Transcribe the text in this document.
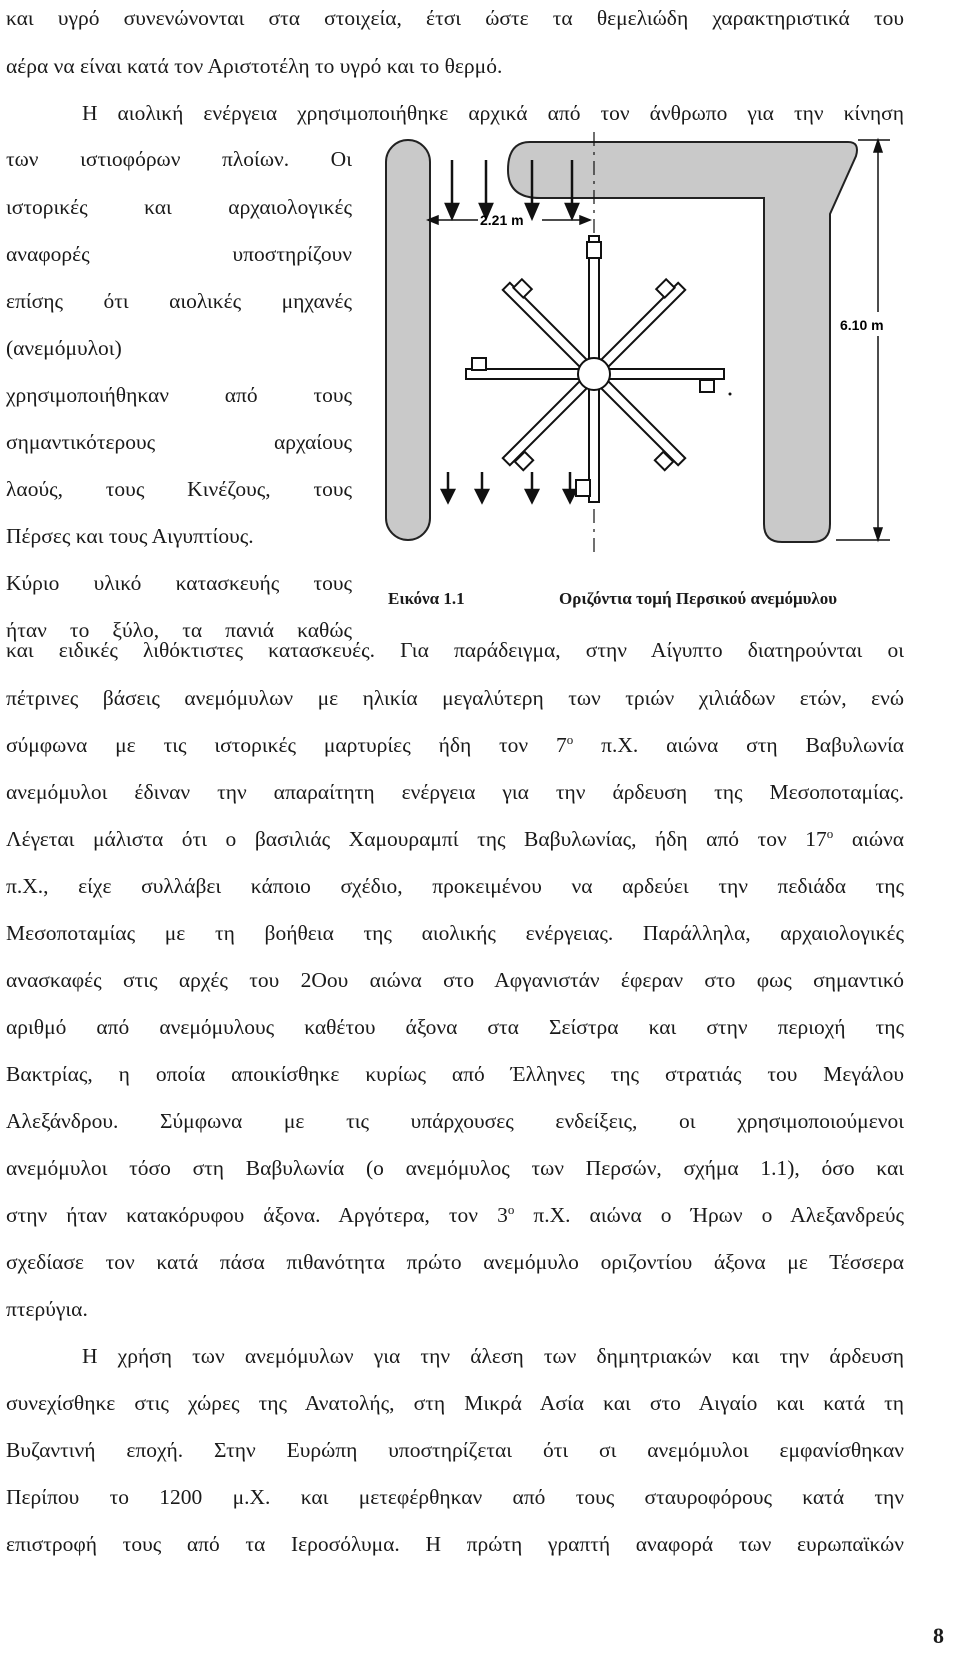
και υγρό συνενώνονται στα στοιχεία, έτσι ώστε τα θεμελιώδη χαρακτηριστικά του
αέρα να είναι κατά τον Αριστοτέλη το υγρό και το θερμό.
Η αιολική ενέργεια χρησιμοποιήθηκε αρχικά από τον άνθρωπο για την κίνηση
των ιστιοφόρων πλοίων. Οι
ιστορικές και αρχαιολογικές
αναφορές υποστηρίζουν
επίσης ότι αιολικές μηχανές
(ανεμόμυλοι)
χρησιμοποιήθηκαν από τους
σημαντικότερους αρχαίους
λαούς, τους Κινέζους, τους
Πέρσες και τους Αιγυπτίους.
Κύριο υλικό κατασκευής τους
ήταν το ξύλο, τα πανιά καθώς
2.21 m
6.10 m
Εικόνα 1.1	Οριζόντια τομή Περσικού ανεμόμυλου
και ειδικές λιθόκτιστες κατασκευές. Για παράδειγμα, στην Αίγυπτο διατηρούνται οι
πέτρινες βάσεις ανεμόμυλων με ηλικία μεγαλύτερη των τριών χιλιάδων ετών, ενώ
σύμφωνα με τις ιστορικές μαρτυρίες ήδη τον $7^o$ π.Χ. αιώνα στη Βαβυλωνία
ανεμόμυλοι έδιναν την απαραίτητη ενέργεια για την άρδευση της Μεσοποταμίας.
Λέγεται μάλιστα ότι ο βασιλιάς Χαμουραμπί της Βαβυλωνίας, ήδη από τον $17^o$ αιώνα
π.Χ., είχε συλλάβει κάποιο σχέδιο, προκειμένου να αρδεύει την πεδιάδα της
Μεσοποταμίας με τη βοήθεια της αιολικής ενέργειας. Παράλληλα, αρχαιολογικές
ανασκαφές στις αρχές του 2Οου αιώνα στο Αφγανιστάν έφεραν στο φως σημαντικό
αριθμό από ανεμόμυλους καθέτου άξονα στα Σείστρα και στην περιοχή της
Βακτρίας, η οποία αποικίσθηκε κυρίως από Έλληνες της στρατιάς του Μεγάλου
Αλεξάνδρου. Σύμφωνα με τις υπάρχουσες ενδείξεις, οι χρησιμοποιούμενοι
ανεμόμυλοι τόσο στη Βαβυλωνία (ο ανεμόμυλος των Περσών, σχήμα 1.1), όσο και
στην ήταν κατακόρυφου άξονα. Αργότερα, τον $3^o$ π.Χ. αιώνα ο Ήρων ο Αλεξανδρεύς
σχεδίασε τον κατά πάσα πιθανότητα πρώτο ανεμόμυλο οριζοντίου άξονα με Τέσσερα
πτερύγια.
Η χρήση των ανεμόμυλων για την άλεση των δημητριακών και την άρδευση
συνεχίσθηκε στις χώρες της Ανατολής, στη Μικρά Ασία και στο Αιγαίο και κατά τη
Βυζαντινή εποχή. Στην Ευρώπη υποστηρίζεται ότι σι ανεμόμυλοι εμφανίσθηκαν
Περίπου το 1200 μ.Χ. και μετεφέρθηκαν από τους σταυροφόρους κατά την
επιστροφή τους από τα Ιεροσόλυμα. Η πρώτη γραπτή αναφορά των ευρωπαϊκών
8
